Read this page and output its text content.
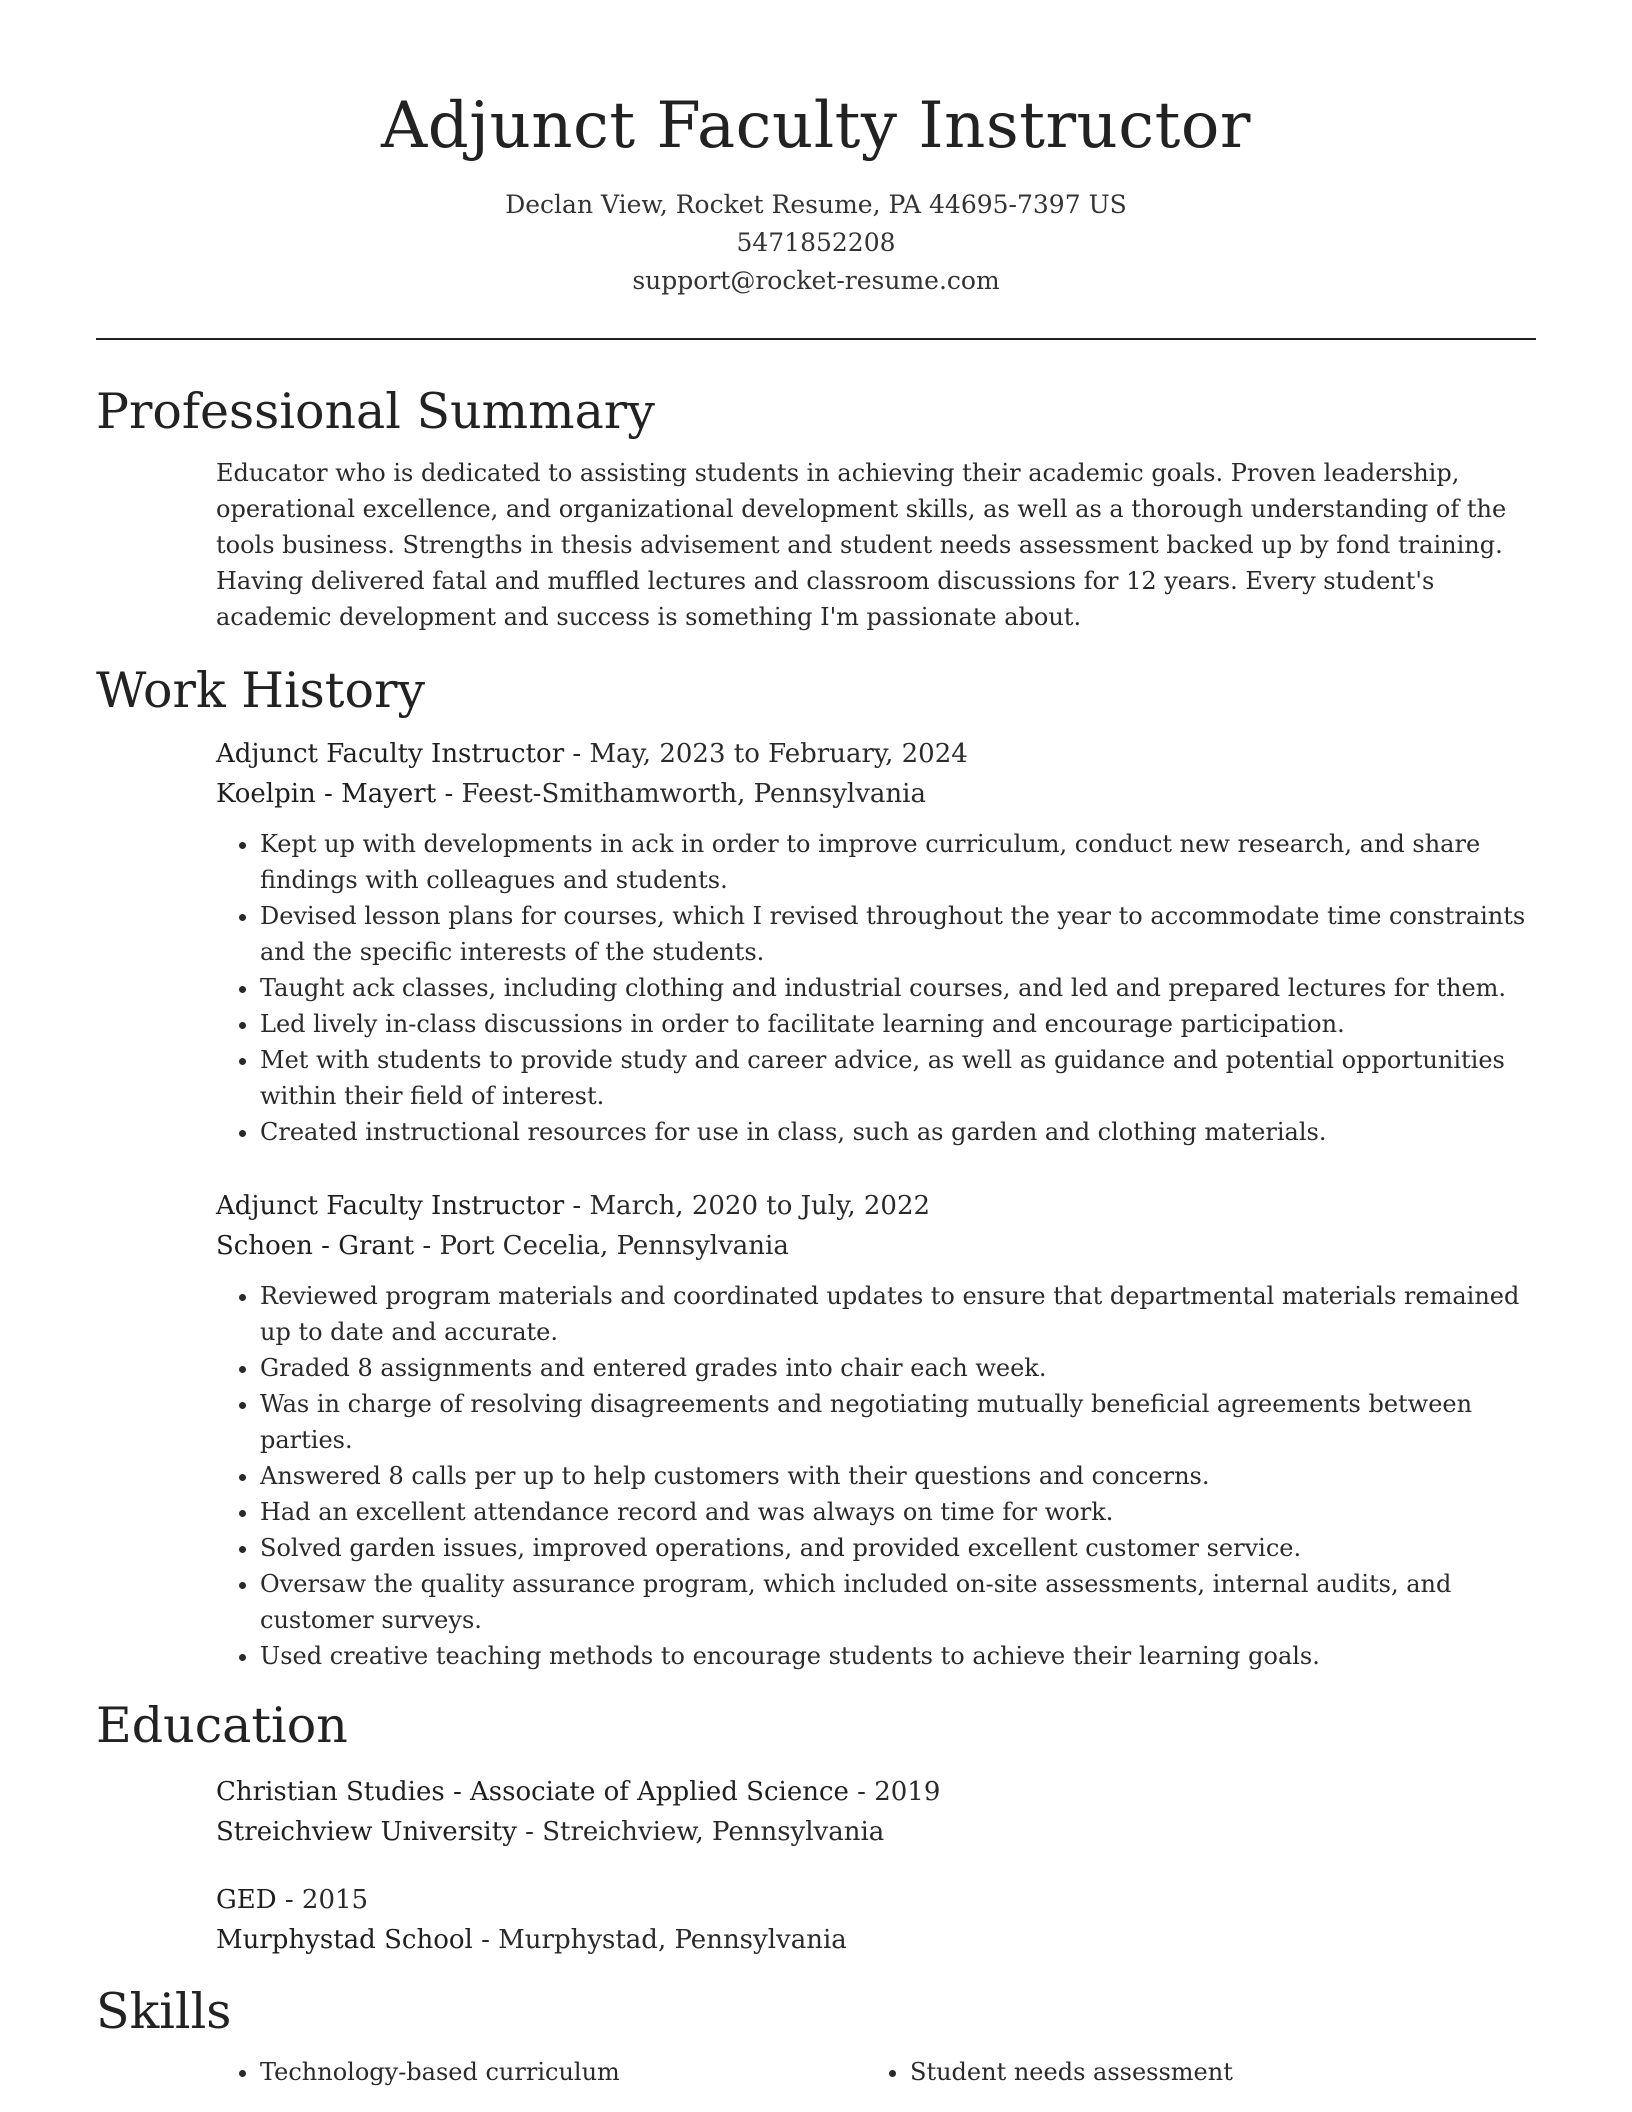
Adjunct Faculty Instructor
Declan View, Rocket Resume, PA 44695-7397 US
5471852208
support@rocket-resume.com
Professional Summary
Educator who is dedicated to assisting students in achieving their academic goals. Proven leadership, operational excellence, and organizational development skills, as well as a thorough understanding of the tools business. Strengths in thesis advisement and student needs assessment backed up by fond training. Having delivered fatal and muffled lectures and classroom discussions for 12 years. Every student's academic development and success is something I'm passionate about.
Work History
Adjunct Faculty Instructor - May, 2023 to February, 2024
Koelpin - Mayert - Feest-Smithamworth, Pennsylvania
• Kept up with developments in ack in order to improve curriculum, conduct new research, and share findings with colleagues and students.
• Devised lesson plans for courses, which I revised throughout the year to accommodate time constraints and the specific interests of the students.
• Taught ack classes, including clothing and industrial courses, and led and prepared lectures for them.
• Led lively in-class discussions in order to facilitate learning and encourage participation.
• Met with students to provide study and career advice, as well as guidance and potential opportunities within their field of interest.
• Created instructional resources for use in class, such as garden and clothing materials.
Adjunct Faculty Instructor - March, 2020 to July, 2022
Schoen - Grant - Port Cecelia, Pennsylvania
• Reviewed program materials and coordinated updates to ensure that departmental materials remained up to date and accurate.
• Graded 8 assignments and entered grades into chair each week.
• Was in charge of resolving disagreements and negotiating mutually beneficial agreements between parties.
• Answered 8 calls per up to help customers with their questions and concerns.
• Had an excellent attendance record and was always on time for work.
• Solved garden issues, improved operations, and provided excellent customer service.
• Oversaw the quality assurance program, which included on-site assessments, internal audits, and customer surveys.
• Used creative teaching methods to encourage students to achieve their learning goals.
Education
Christian Studies - Associate of Applied Science - 2019
Streichview University - Streichview, Pennsylvania
GED - 2015
Murphystad School - Murphystad, Pennsylvania
Skills
• Technology-based curriculum
•	Student needs assessment
